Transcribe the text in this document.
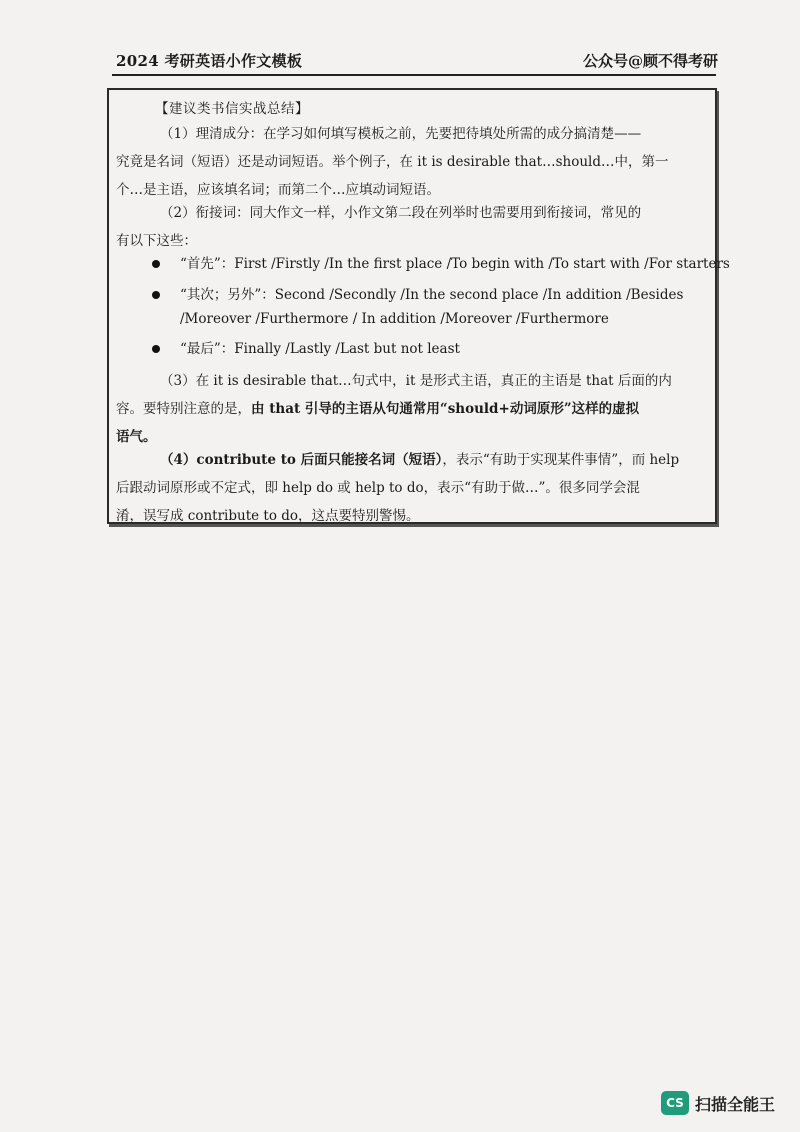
2024 考研英语小作文模板	公众号@顾不得考研
【建议类书信实战总结】
（1）理清成分：在学习如何填写模板之前，先要把待填处所需的成分搞清楚——
究竟是名词（短语）还是动词短语。举个例子，在 it is desirable that…should…中，第一
个…是主语，应该填名词；而第二个…应填动词短语。
（2）衔接词：同大作文一样，小作文第二段在列举时也需要用到衔接词，常见的
有以下这些：
“首先”：First /Firstly /In the first place /To begin with /To start with /For starters
“其次；另外”：Second /Secondly /In the second place /In addition /Besides
/Moreover /Furthermore / In addition /Moreover /Furthermore
“最后”：Finally /Lastly /Last but not least
（3）在 it is desirable that…句式中，it 是形式主语，真正的主语是 that 后面的内
容。要特别注意的是，由 that 引导的主语从句通常用“should+动词原形”这样的虚拟
语气。
（4）contribute to 后面只能接名词（短语），表示“有助于实现某件事情”，而 help
后跟动词原形或不定式，即 help do 或 help to do，表示“有助于做…”。很多同学会混
淆，误写成 contribute to do，这点要特别警惕。
CS 扫描全能王
